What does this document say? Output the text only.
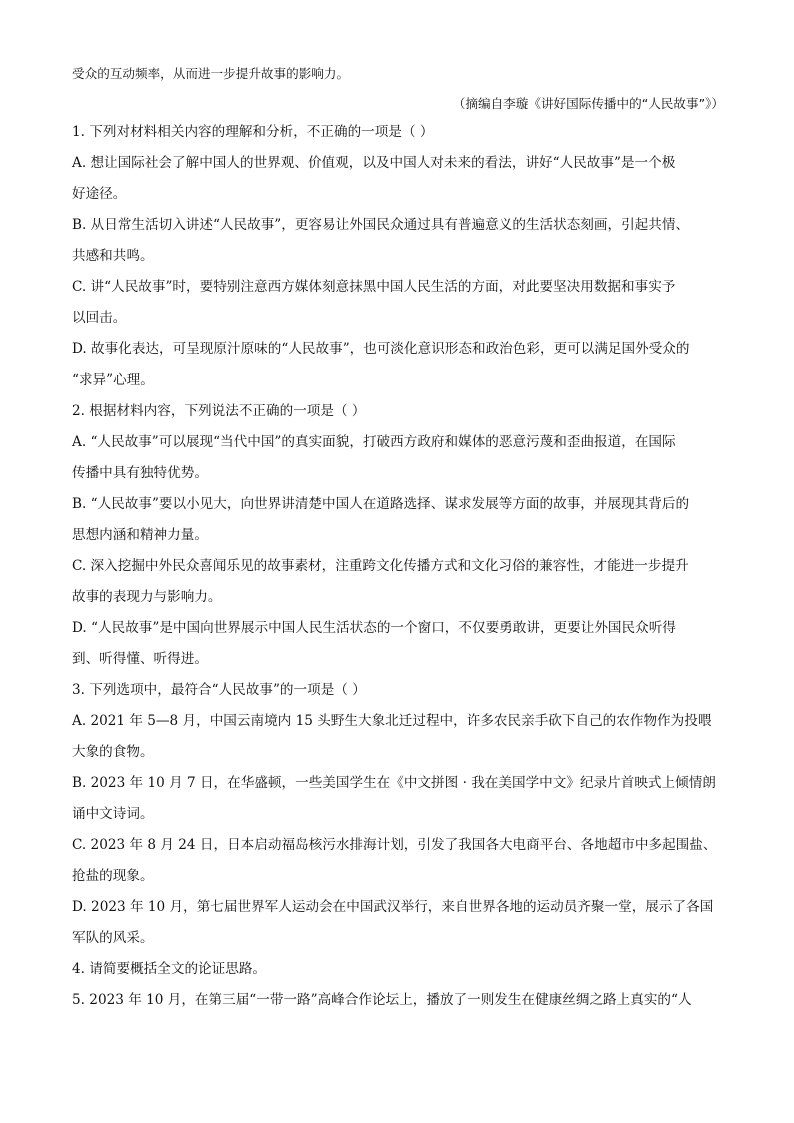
受众的互动频率，从而进一步提升故事的影响力。

（摘编自李璇《讲好国际传播中的“人民故事”》）

1. 下列对材料相关内容的理解和分析，不正确的一项是（ ）

A. 想让国际社会了解中国人的世界观、价值观，以及中国人对未来的看法，讲好“人民故事”是一个极

好途径。

B. 从日常生活切入讲述“人民故事”，更容易让外国民众通过具有普遍意义的生活状态刻画，引起共情、

共感和共鸣。

C. 讲“人民故事”时，要特别注意西方媒体刻意抹黑中国人民生活的方面，对此要坚决用数据和事实予

以回击。

D. 故事化表达，可呈现原汁原味的“人民故事”，也可淡化意识形态和政治色彩，更可以满足国外受众的

“求异”心理。

2. 根据材料内容，下列说法不正确的一项是（ ）

A. “人民故事”可以展现“当代中国”的真实面貌，打破西方政府和媒体的恶意污蔑和歪曲报道，在国际

传播中具有独特优势。

B. “人民故事”要以小见大，向世界讲清楚中国人在道路选择、谋求发展等方面的故事，并展现其背后的

思想内涵和精神力量。

C. 深入挖掘中外民众喜闻乐见的故事素材，注重跨文化传播方式和文化习俗的兼容性，才能进一步提升

故事的表现力与影响力。

D. “人民故事”是中国向世界展示中国人民生活状态的一个窗口，不仅要勇敢讲，更要让外国民众听得

到、听得懂、听得进。

3. 下列选项中，最符合“人民故事”的一项是（ ）

A. 2021 年 5—8 月，中国云南境内 15 头野生大象北迁过程中，许多农民亲手砍下自己的农作物作为投喂

大象的食物。

B. 2023 年 10 月 7 日，在华盛顿，一些美国学生在《中文拼图 · 我在美国学中文》纪录片首映式上倾情朗

诵中文诗词。

C. 2023 年 8 月 24 日，日本启动福岛核污水排海计划，引发了我国各大电商平台、各地超市中多起围盐、

抢盐的现象。

D. 2023 年 10 月，第七届世界军人运动会在中国武汉举行，来自世界各地的运动员齐聚一堂，展示了各国

军队的风采。

4. 请简要概括全文的论证思路。

5. 2023 年 10 月，在第三届“一带一路”高峰合作论坛上，播放了一则发生在健康丝绸之路上真实的“人
